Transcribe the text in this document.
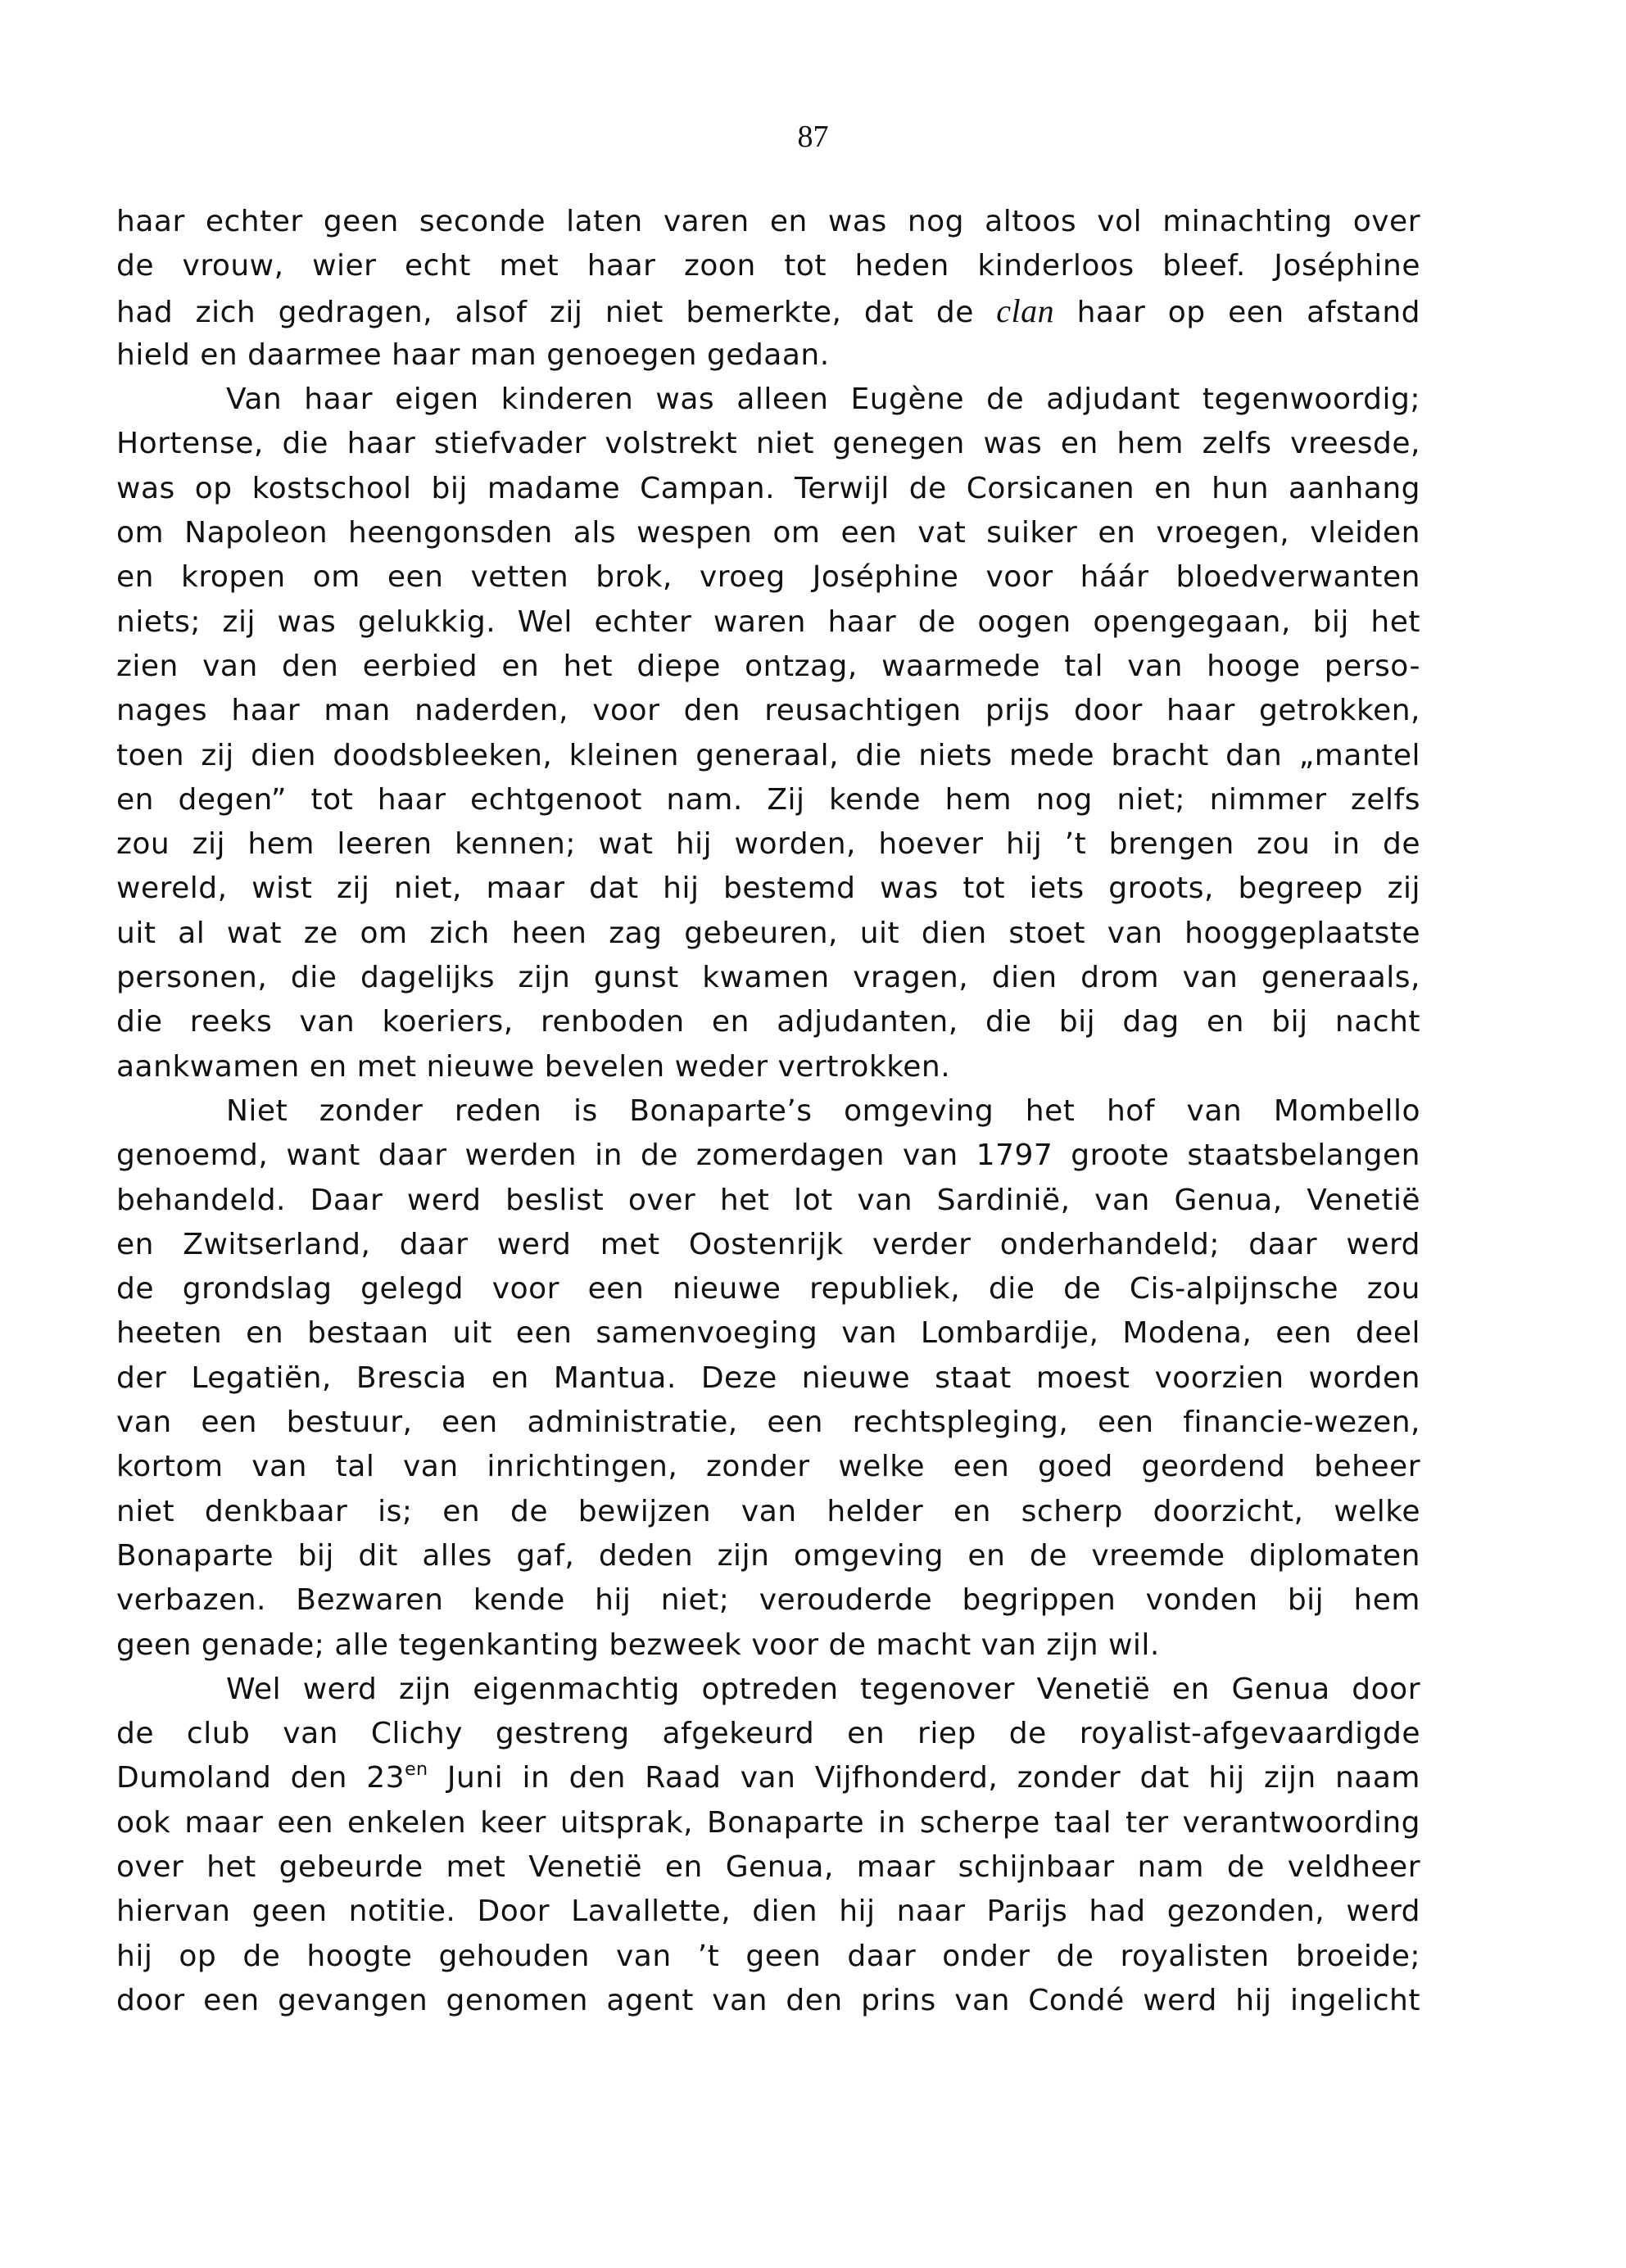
87

haar echter geen seconde laten varen en was nog altoos vol minachting over
de vrouw, wier echt met haar zoon tot heden kinderloos bleef. Joséphine
had zich gedragen, alsof zij niet bemerkte, dat de clan haar op een afstand
hield en daarmee haar man genoegen gedaan.

Van haar eigen kinderen was alleen Eugène de adjudant tegenwoordig;
Hortense, die haar stiefvader volstrekt niet genegen was en hem zelfs vreesde,
was op kostschool bij madame Campan. Terwijl de Corsicanen en hun aanhang
om Napoleon heengonsden als wespen om een vat suiker en vroegen, vleiden
en kropen om een vetten brok, vroeg Joséphine voor háár bloedverwanten
niets; zij was gelukkig. Wel echter waren haar de oogen opengegaan, bij het
zien van den eerbied en het diepe ontzag, waarmede tal van hooge perso-
nages haar man naderden, voor den reusachtigen prijs door haar getrokken,
toen zij dien doodsbleeken, kleinen generaal, die niets mede bracht dan „mantel
en degen” tot haar echtgenoot nam. Zij kende hem nog niet; nimmer zelfs
zou zij hem leeren kennen; wat hij worden, hoever hij ’t brengen zou in de
wereld, wist zij niet, maar dat hij bestemd was tot iets groots, begreep zij
uit al wat ze om zich heen zag gebeuren, uit dien stoet van hooggeplaatste
personen, die dagelijks zijn gunst kwamen vragen, dien drom van generaals,
die reeks van koeriers, renboden en adjudanten, die bij dag en bij nacht
aankwamen en met nieuwe bevelen weder vertrokken.

Niet zonder reden is Bonaparte’s omgeving het hof van Mombello
genoemd, want daar werden in de zomerdagen van 1797 groote staatsbelangen
behandeld. Daar werd beslist over het lot van Sardinië, van Genua, Venetië
en Zwitserland, daar werd met Oostenrijk verder onderhandeld; daar werd
de grondslag gelegd voor een nieuwe republiek, die de Cis-alpijnsche zou
heeten en bestaan uit een samenvoeging van Lombardije, Modena, een deel
der Legatiën, Brescia en Mantua. Deze nieuwe staat moest voorzien worden
van een bestuur, een administratie, een rechtspleging, een financie-wezen,
kortom van tal van inrichtingen, zonder welke een goed geordend beheer
niet denkbaar is; en de bewijzen van helder en scherp doorzicht, welke
Bonaparte bij dit alles gaf, deden zijn omgeving en de vreemde diplomaten
verbazen. Bezwaren kende hij niet; verouderde begrippen vonden bij hem
geen genade; alle tegenkanting bezweek voor de macht van zijn wil.

Wel werd zijn eigenmachtig optreden tegenover Venetië en Genua door
de club van Clichy gestreng afgekeurd en riep de royalist-afgevaardigde
Dumoland den $23^{en}$ Juni in den Raad van Vijfhonderd, zonder dat hij zijn naam
ook maar een enkelen keer uitsprak, Bonaparte in scherpe taal ter verantwoording
over het gebeurde met Venetië en Genua, maar schijnbaar nam de veldheer
hiervan geen notitie. Door Lavallette, dien hij naar Parijs had gezonden, werd
hij op de hoogte gehouden van ’t geen daar onder de royalisten broeide;
door een gevangen genomen agent van den prins van Condé werd hij ingelicht
